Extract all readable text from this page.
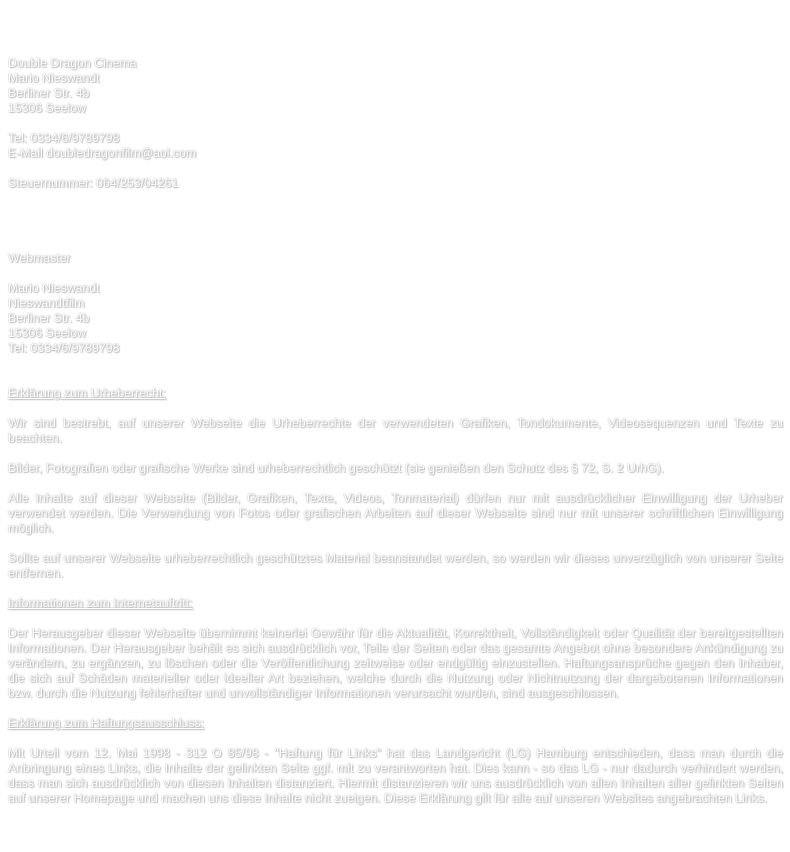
Double Dragon Cinema
Mario Nieswandt
Berliner Str. 4b
15306 Seelow
Tel: 0334/6/9789798
E-Mail doubledragonfilm@aol.com
Steuernummer: 064/253/04261
Webmaster
Mario Nieswandt
Nieswandtfilm
Berliner Str. 4b
15306 Seelow
Tel: 0334/6/9789798

Erklärung zum Urheberrecht:

Wir sind bestrebt, auf unserer Webseite die Urheberrechte der verwendeten Grafiken, Tondokumente, Videosequenzen und Texte zu beachten.

Bilder, Fotografien oder grafische Werke sind urheberrechtlich geschützt (sie genießen den Schutz des § 72, S. 2 UrhG).

Alle Inhalte auf dieser Webseite (Bilder, Grafiken, Texte, Videos, Tonmaterial) dürfen nur mit ausdrücklicher Einwilligung der Urheber verwendet werden. Die Verwendung von Fotos oder grafischen Arbeiten auf dieser Webseite sind nur mit unserer schriftlichen Einwilligung möglich.

Sollte auf unserer Webseite urheberrechtlich geschütztes Material beanstandet werden, so werden wir dieses unverzüglich von unserer Seite entfernen.

Informationen zum Internetauftritt:

Der Herausgeber dieser Webseite übernimmt keinerlei Gewähr für die Aktualität, Korrektheit, Vollständigkeit oder Qualität der bereitgestellten Informationen. Der Herausgeber behält es sich ausdrücklich vor, Teile der Seiten oder das gesamte Angebot ohne besondere Ankündigung zu verändern, zu ergänzen, zu löschen oder die Veröffentlichung zeitweise oder endgültig einzustellen. Haftungsansprüche gegen den Inhaber, die sich auf Schäden materieller oder ideeller Art beziehen, welche durch die Nutzung oder Nichtnutzung der dargebotenen Informationen bzw. durch die Nutzung fehlerhafter und unvollständiger Informationen verursacht wurden, sind ausgeschlossen.

Erklärung zum Haftungsausschluss:

Mit Urteil vom 12. Mai 1998 - 312 O 85/98 - "Haftung für Links" hat das Landgericht (LG) Hamburg entschieden, dass man durch die Anbringung eines Links, die Inhalte der gelinkten Seite ggf. mit zu verantworten hat. Dies kann - so das LG - nur dadurch verhindert werden, dass man sich ausdrücklich von diesen Inhalten distanziert. Hiermit distanzieren wir uns ausdrücklich von allen Inhalten aller gelinkten Seiten auf unserer Homepage und machen uns diese Inhalte nicht zueigen. Diese Erklärung gilt für alle auf unseren Websites angebrachten Links.
